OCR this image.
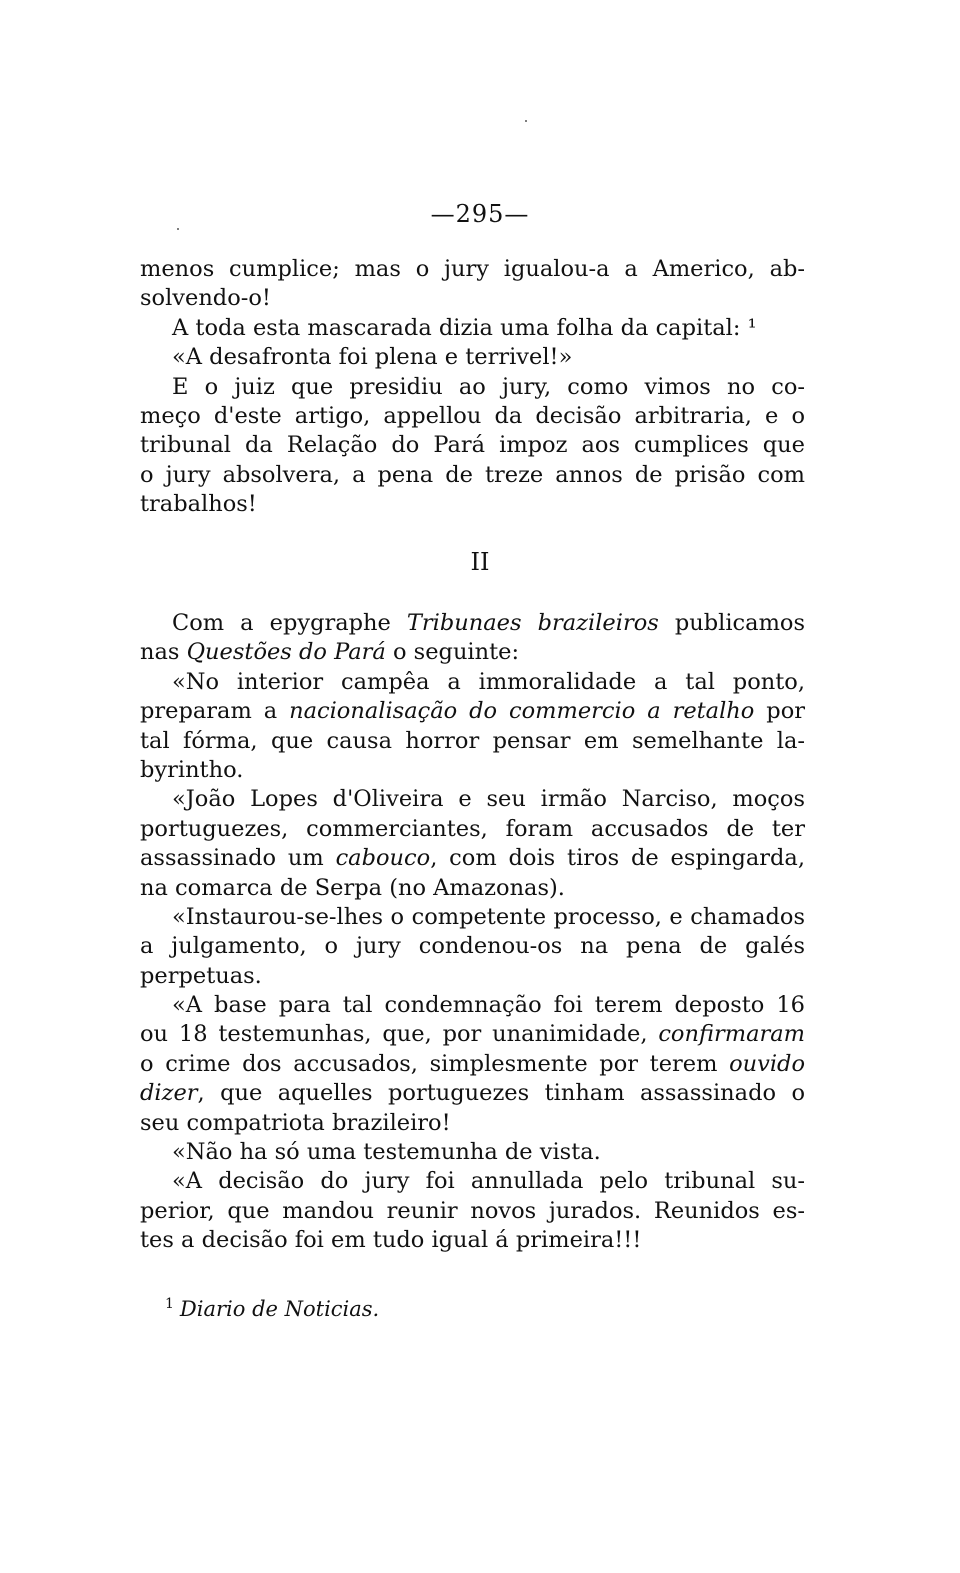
—295—
menos cumplice; mas o jury igualou-a a Americo, ab-
solvendo-o!
A toda esta mascarada dizia uma folha da capital: ¹
«A desafronta foi plena e terrivel!»
E o juiz que presidiu ao jury, como vimos no co-
meço d'este artigo, appellou da decisão arbitraria, e o
tribunal da Relação do Pará impoz aos cumplices que
o jury absolvera, a pena de treze annos de prisão com
trabalhos!
II
Com a epygraphe Tribunaes brazileiros publicamos
nas Questões do Pará o seguinte:
«No interior campêa a immoralidade a tal ponto,
preparam a nacionalisação do commercio a retalho por
tal fórma, que causa horror pensar em semelhante la-
byrintho.
«João Lopes d'Oliveira e seu irmão Narciso, moços
portuguezes, commerciantes, foram accusados de ter
assassinado um cabouco, com dois tiros de espingarda,
na comarca de Serpa (no Amazonas).
«Instaurou-se-lhes o competente processo, e chamados
a julgamento, o jury condenou-os na pena de galés
perpetuas.
«A base para tal condemnação foi terem deposto 16
ou 18 testemunhas, que, por unanimidade, confirmaram
o crime dos accusados, simplesmente por terem ouvido
dizer, que aquelles portuguezes tinham assassinado o
seu compatriota brazileiro!
«Não ha só uma testemunha de vista.
«A decisão do jury foi annullada pelo tribunal su-
perior, que mandou reunir novos jurados. Reunidos es-
tes a decisão foi em tudo igual á primeira!!!
$^1$ Diario de Noticias.
